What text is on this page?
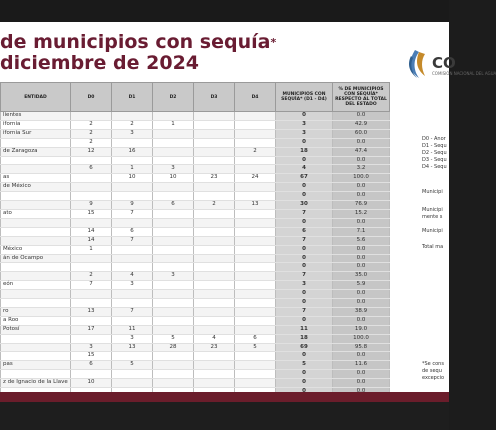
de municipios con sequía*
diciembre de 2024	CO
COMISIÓN NACIONAL DEL AGUA
ENTIDAD	D0	D1	D2	D3	D4	MUNICIPIOS CON SEQUÍA* (D1 - D4)	% DE MUNICIPIOS CON SEQUÍA* RESPECTO AL TOTAL DEL ESTADO
lientes						0	0.0
ifornia	2	2	1			3	42.9
ifornia Sur	2	3				3	60.0
	2					0	0.0
de Zaragoza	12	16			2	18	47.4
						0	0.0
	6	1	3			4	3.2
as		10	10	23	24	67	100.0
de México						0	0.0
						0	0.0
	9	9	6	2	13	30	76.9
ato	15	7				7	15.2
						0	0.0
	14	6				6	7.1
	14	7				7	5.6
México	1					0	0.0
án de Ocampo						0	0.0
						0	0.0
	2	4	3			7	35.0
eón	7	3				3	5.9
						0	0.0
						0	0.0
ro	13	7				7	38.9
a Roo						0	0.0
Potosí	17	11				11	19.0
		3	5	4	6	18	100.0
	3	13	28	23	5	69	95.8
	15					0	0.0
pas	6	5				5	11.6
						0	0.0
z de Ignacio de la Llave	10					0	0.0

D0 - Anor
D1 - Sequ
D2 - Sequ
D3 - Sequ
D4 - Sequ
Municipi
Municipi
mente s
Municipi
Total ma
*Se cons
de sequ
excepcio
